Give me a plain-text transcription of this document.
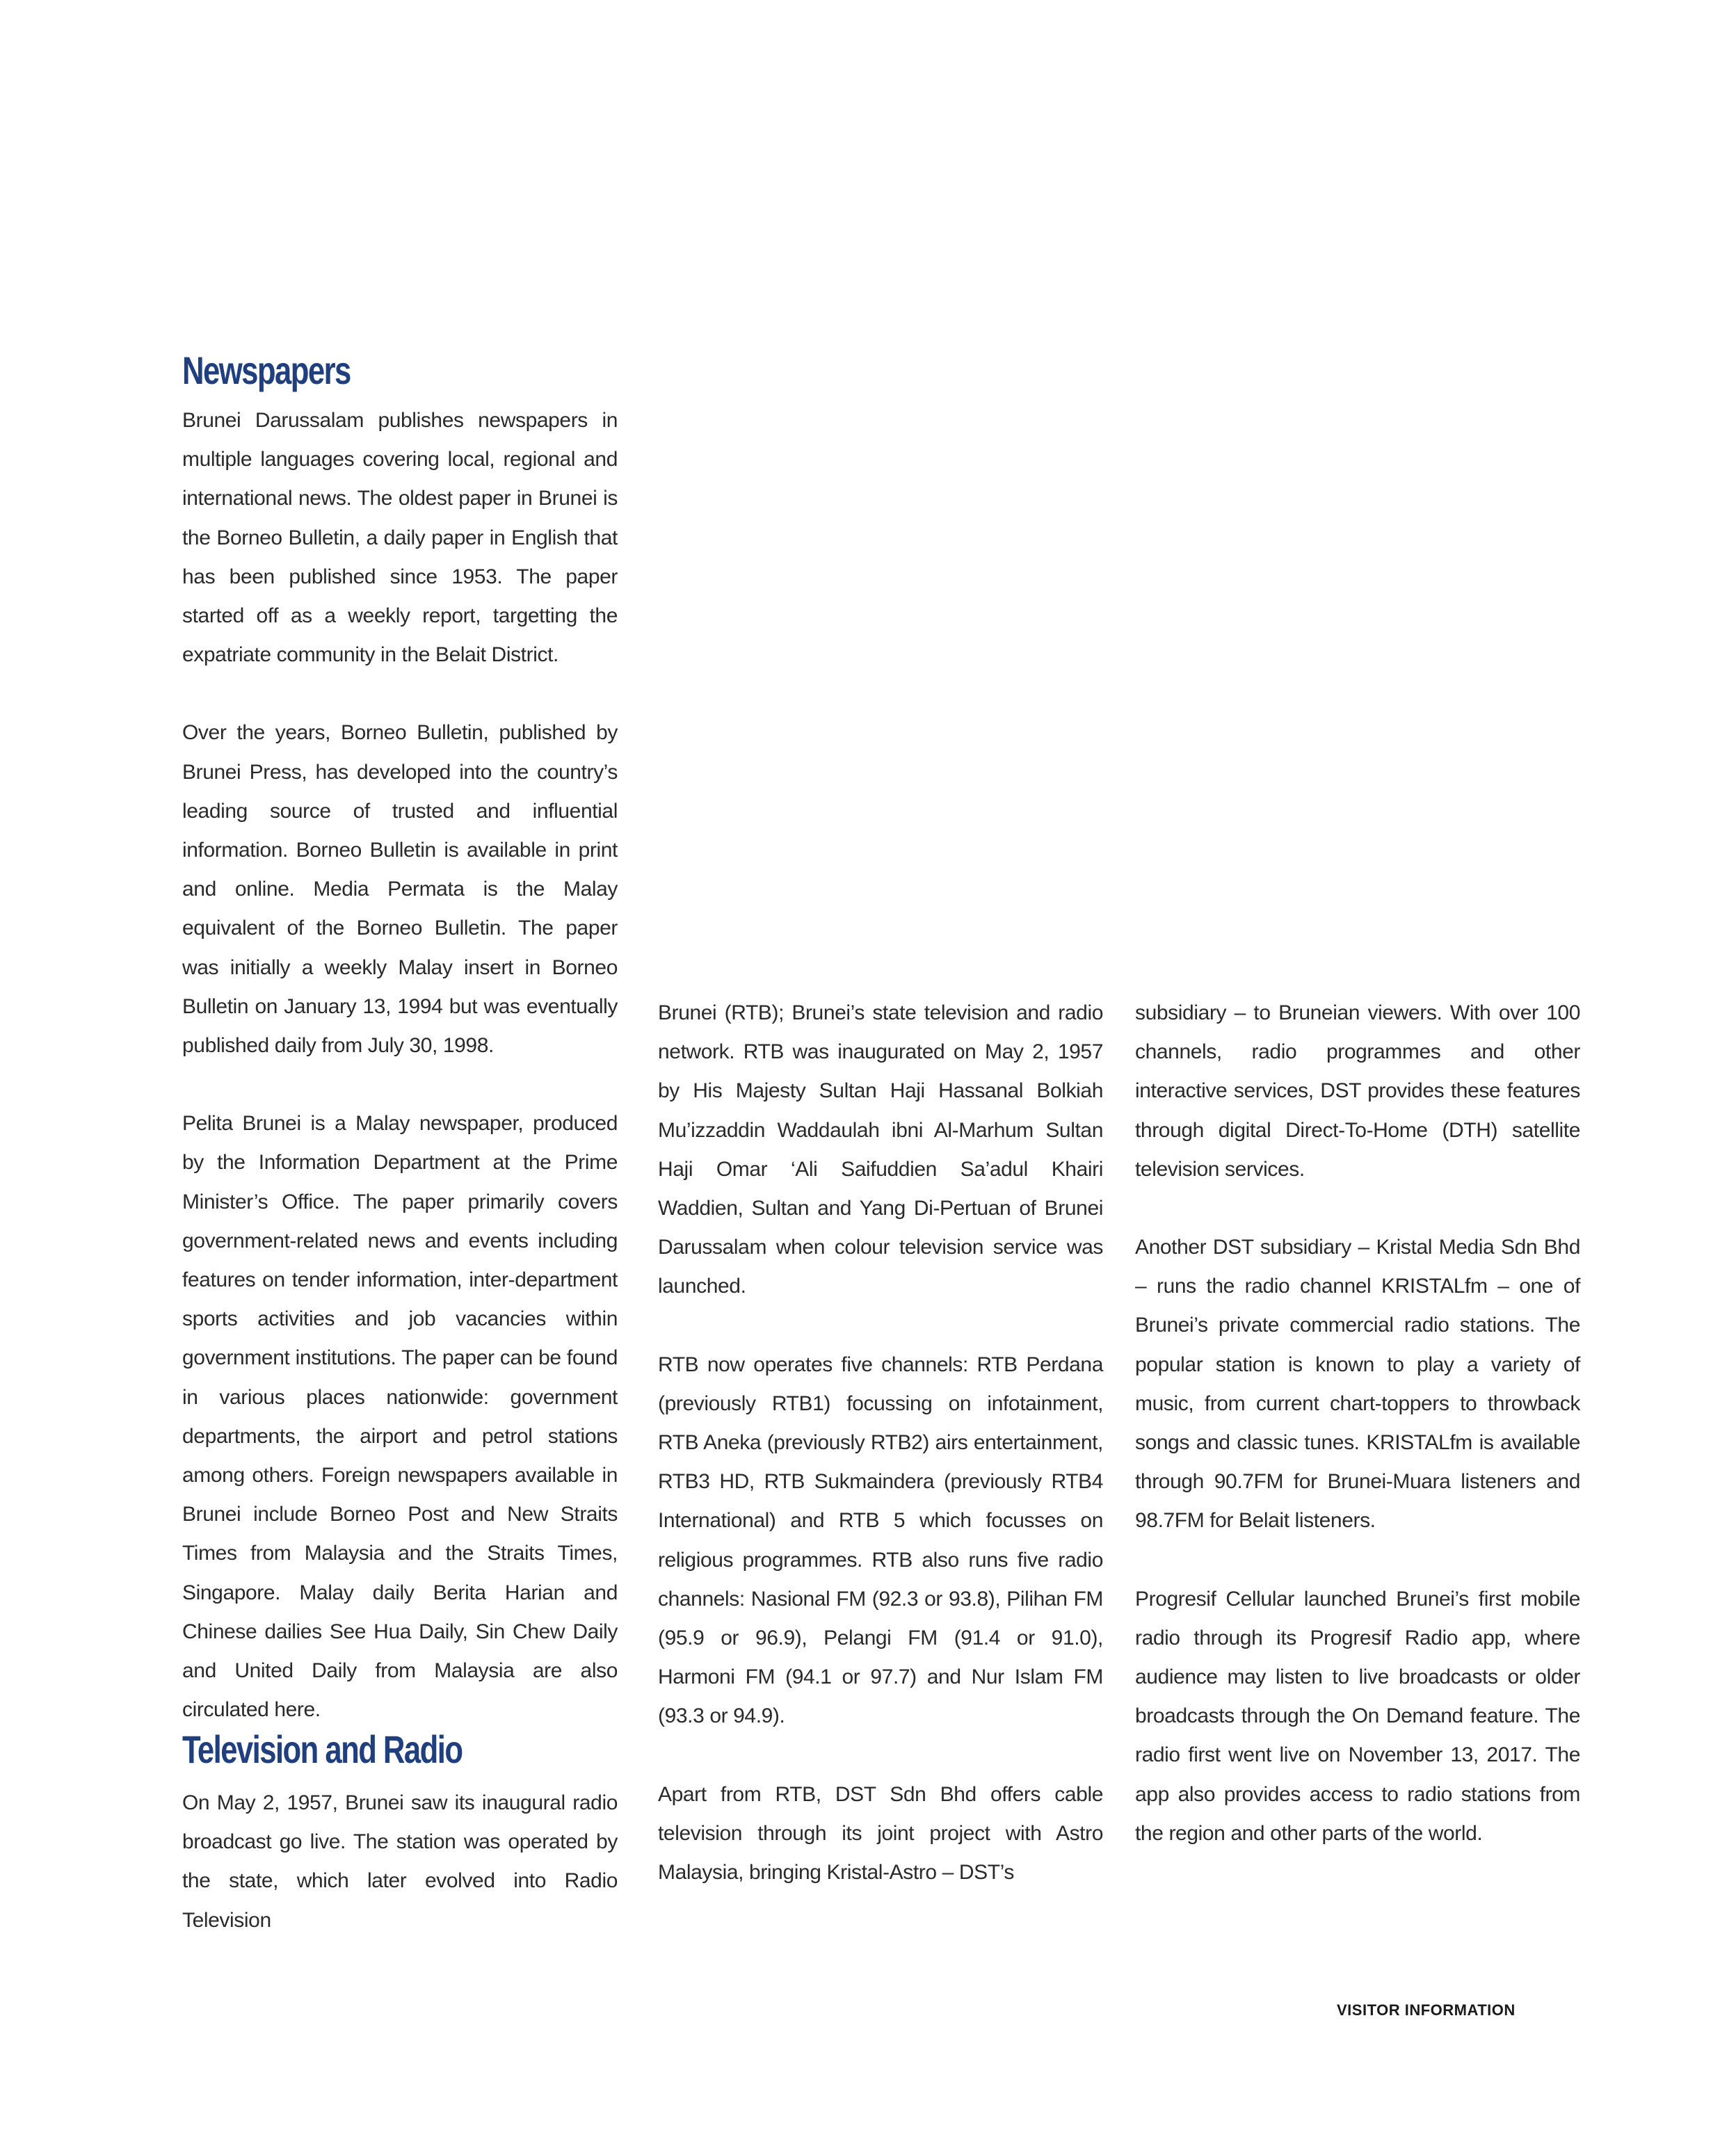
Newspapers

Brunei Darussalam publishes newspapers in multiple languages covering local, regional and international news. The oldest paper in Brunei is the Borneo Bulletin, a daily paper in English that has been published since 1953. The paper started off as a weekly report, targetting the expatriate community in the Belait District.

Over the years, Borneo Bulletin, published by Brunei Press, has developed into the country’s leading source of trusted and influential information. Borneo Bulletin is available in print and online. Media Permata is the Malay equivalent of the Borneo Bulletin. The paper was initially a weekly Malay insert in Borneo Bulletin on January 13, 1994 but was eventually published daily from July 30, 1998.

Pelita Brunei is a Malay newspaper, produced by the Information Department at the Prime Minister’s Office. The paper primarily covers government-related news and events including features on tender information, inter-department sports activities and job vacancies within government institutions. The paper can be found in various places nationwide: government departments, the airport and petrol stations among others. Foreign newspapers available in Brunei include Borneo Post and New Straits Times from Malaysia and the Straits Times, Singapore. Malay daily Berita Harian and Chinese dailies See Hua Daily, Sin Chew Daily and United Daily from Malaysia are also circulated here.

Television and Radio

On May 2, 1957, Brunei saw its inaugural radio broadcast go live. The station was operated by the state, which later evolved into Radio Television

Brunei (RTB); Brunei’s state television and radio network. RTB was inaugurated on May 2, 1957 by His Majesty Sultan Haji Hassanal Bolkiah Mu’izzaddin Waddaulah ibni Al-Marhum Sultan Haji Omar ‘Ali Saifuddien Sa’adul Khairi Waddien, Sultan and Yang Di-Pertuan of Brunei Darussalam when colour television service was launched.

RTB now operates five channels: RTB Perdana (previously RTB1) focussing on infotainment, RTB Aneka (previously RTB2) airs entertainment, RTB3 HD, RTB Sukmaindera (previously RTB4 International) and RTB 5 which focusses on religious programmes. RTB also runs five radio channels: Nasional FM (92.3 or 93.8), Pilihan FM (95.9 or 96.9), Pelangi FM (91.4 or 91.0), Harmoni FM (94.1 or 97.7) and Nur Islam FM (93.3 or 94.9).

Apart from RTB, DST Sdn Bhd offers cable television through its joint project with Astro Malaysia, bringing Kristal-Astro – DST’s

subsidiary – to Bruneian viewers. With over 100 channels, radio programmes and other interactive services, DST provides these features through digital Direct-To-Home (DTH) satellite television services.

Another DST subsidiary – Kristal Media Sdn Bhd – runs the radio channel KRISTALfm – one of Brunei’s private commercial radio stations. The popular station is known to play a variety of music, from current chart-toppers to throwback songs and classic tunes. KRISTALfm is available through 90.7FM for Brunei-Muara listeners and 98.7FM for Belait listeners.

Progresif Cellular launched Brunei’s first mobile radio through its Progresif Radio app, where audience may listen to live broadcasts or older broadcasts through the On Demand feature. The radio first went live on November 13, 2017. The app also provides access to radio stations from the region and other parts of the world.

VISITOR INFORMATION
